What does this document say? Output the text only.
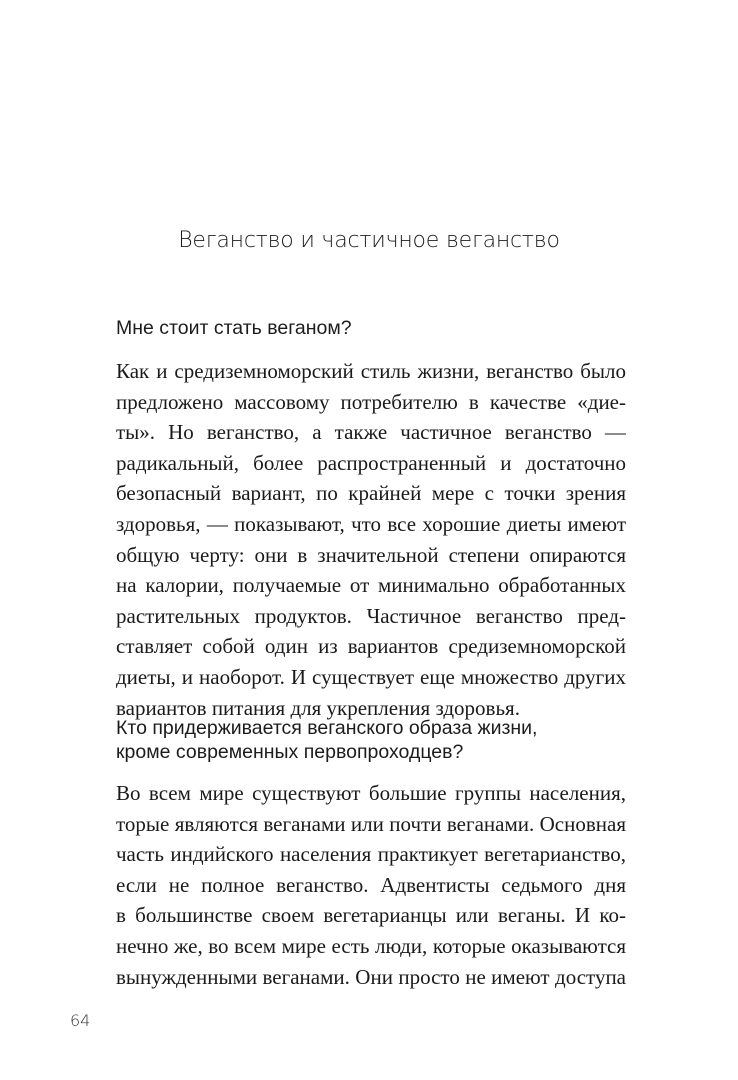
Веганство и частичное веганство

Мне стоит стать веганом?

Как и средиземноморский стиль жизни, веганство было
предложено массовому потребителю в качестве «дие-
ты». Но веганство, а также частичное веганство —
радикальный, более распространенный и достаточно
безопасный вариант, по крайней мере с точки зрения
здоровья, — показывают, что все хорошие диеты имеют
общую черту: они в значительной степени опираются
на калории, получаемые от минимально обработанных
растительных продуктов. Частичное веганство пред-
ставляет собой один из вариантов средиземноморской
диеты, и наоборот. И существует еще множество других
вариантов питания для укрепления здоровья.

Кто придерживается веганского образа жизни,
кроме современных первопроходцев?

Во всем мире существуют большие группы населения,
торые являются веганами или почти веганами. Основная
часть индийского населения практикует вегетарианство,
если не полное веганство. Адвентисты седьмого дня
в большинстве своем вегетарианцы или веганы. И ко-
нечно же, во всем мире есть люди, которые оказываются
вынужденными веганами. Они просто не имеют доступа
64
